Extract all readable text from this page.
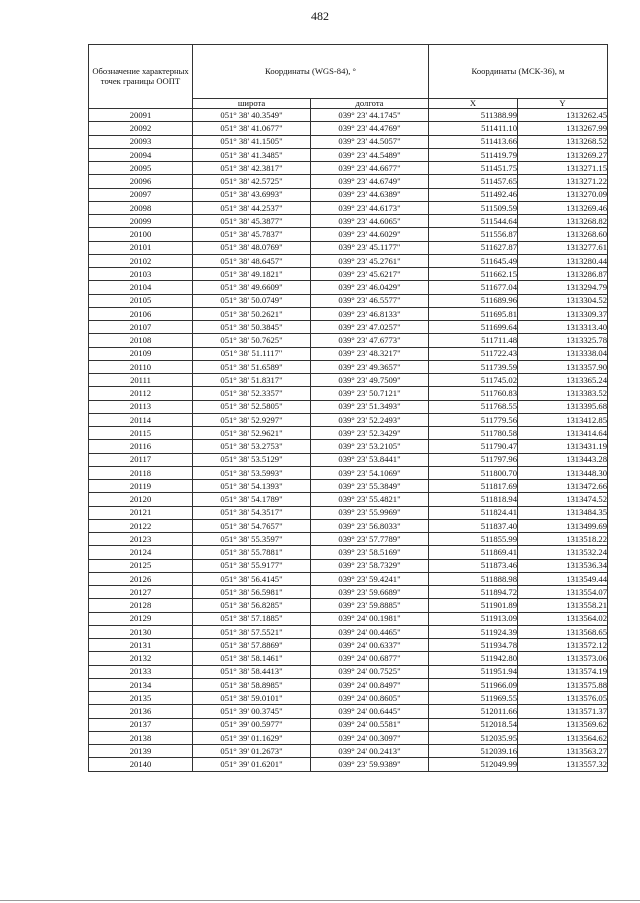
482
Обозначение характерных точек границы ООПТ	Координаты (WGS-84), °		Координаты (МСК-36), м	
	широта	долгота	X	Y
20091	051° 38' 40.3549"	039° 23' 44.1745"	511388.99	1313262.45
20092	051° 38' 41.0677"	039° 23' 44.4769"	511411.10	1313267.99
20093	051° 38' 41.1505"	039° 23' 44.5057"	511413.66	1313268.52
20094	051° 38' 41.3485"	039° 23' 44.5489"	511419.79	1313269.27
20095	051° 38' 42.3817"	039° 23' 44.6677"	511451.75	1313271.15
20096	051° 38' 42.5725"	039° 23' 44.6749"	511457.65	1313271.22
20097	051° 38' 43.6993"	039° 23' 44.6389"	511492.46	1313270.09
20098	051° 38' 44.2537"	039° 23' 44.6173"	511509.59	1313269.46
20099	051° 38' 45.3877"	039° 23' 44.6065"	511544.64	1313268.82
20100	051° 38' 45.7837"	039° 23' 44.6029"	511556.87	1313268.60
20101	051° 38' 48.0769"	039° 23' 45.1177"	511627.87	1313277.61
20102	051° 38' 48.6457"	039° 23' 45.2761"	511645.49	1313280.44
20103	051° 38' 49.1821"	039° 23' 45.6217"	511662.15	1313286.87
20104	051° 38' 49.6609"	039° 23' 46.0429"	511677.04	1313294.79
20105	051° 38' 50.0749"	039° 23' 46.5577"	511689.96	1313304.52
20106	051° 38' 50.2621"	039° 23' 46.8133"	511695.81	1313309.37
20107	051° 38' 50.3845"	039° 23' 47.0257"	511699.64	1313313.40
20108	051° 38' 50.7625"	039° 23' 47.6773"	511711.48	1313325.78
20109	051° 38' 51.1117"	039° 23' 48.3217"	511722.43	1313338.04
20110	051° 38' 51.6589"	039° 23' 49.3657"	511739.59	1313357.90
20111	051° 38' 51.8317"	039° 23' 49.7509"	511745.02	1313365.24
20112	051° 38' 52.3357"	039° 23' 50.7121"	511760.83	1313383.52
20113	051° 38' 52.5805"	039° 23' 51.3493"	511768.55	1313395.68
20114	051° 38' 52.9297"	039° 23' 52.2493"	511779.56	1313412.85
20115	051° 38' 52.9621"	039° 23' 52.3429"	511780.58	1313414.64
20116	051° 38' 53.2753"	039° 23' 53.2105"	511790.47	1313431.19
20117	051° 38' 53.5129"	039° 23' 53.8441"	511797.96	1313443.28
20118	051° 38' 53.5993"	039° 23' 54.1069"	511800.70	1313448.30
20119	051° 38' 54.1393"	039° 23' 55.3849"	511817.69	1313472.66
20120	051° 38' 54.1789"	039° 23' 55.4821"	511818.94	1313474.52
20121	051° 38' 54.3517"	039° 23' 55.9969"	511824.41	1313484.35
20122	051° 38' 54.7657"	039° 23' 56.8033"	511837.40	1313499.69
20123	051° 38' 55.3597"	039° 23' 57.7789"	511855.99	1313518.22
20124	051° 38' 55.7881"	039° 23' 58.5169"	511869.41	1313532.24
20125	051° 38' 55.9177"	039° 23' 58.7329"	511873.46	1313536.34
20126	051° 38' 56.4145"	039° 23' 59.4241"	511888.98	1313549.44
20127	051° 38' 56.5981"	039° 23' 59.6689"	511894.72	1313554.07
20128	051° 38' 56.8285"	039° 23' 59.8885"	511901.89	1313558.21
20129	051° 38' 57.1885"	039° 24' 00.1981"	511913.09	1313564.02
20130	051° 38' 57.5521"	039° 24' 00.4465"	511924.39	1313568.65
20131	051° 38' 57.8869"	039° 24' 00.6337"	511934.78	1313572.12
20132	051° 38' 58.1461"	039° 24' 00.6877"	511942.80	1313573.06
20133	051° 38' 58.4413"	039° 24' 00.7525"	511951.94	1313574.19
20134	051° 38' 58.8985"	039° 24' 00.8497"	511966.09	1313575.88
20135	051° 38' 59.0101"	039° 24' 00.8605"	511969.55	1313576.05
20136	051° 39' 00.3745"	039° 24' 00.6445"	512011.66	1313571.37
20137	051° 39' 00.5977"	039° 24' 00.5581"	512018.54	1313569.62
20138	051° 39' 01.1629"	039° 24' 00.3097"	512035.95	1313564.62
20139	051° 39' 01.2673"	039° 24' 00.2413"	512039.16	1313563.27
20140	051° 39' 01.6201"	039° 23' 59.9389"	512049.99	1313557.32
